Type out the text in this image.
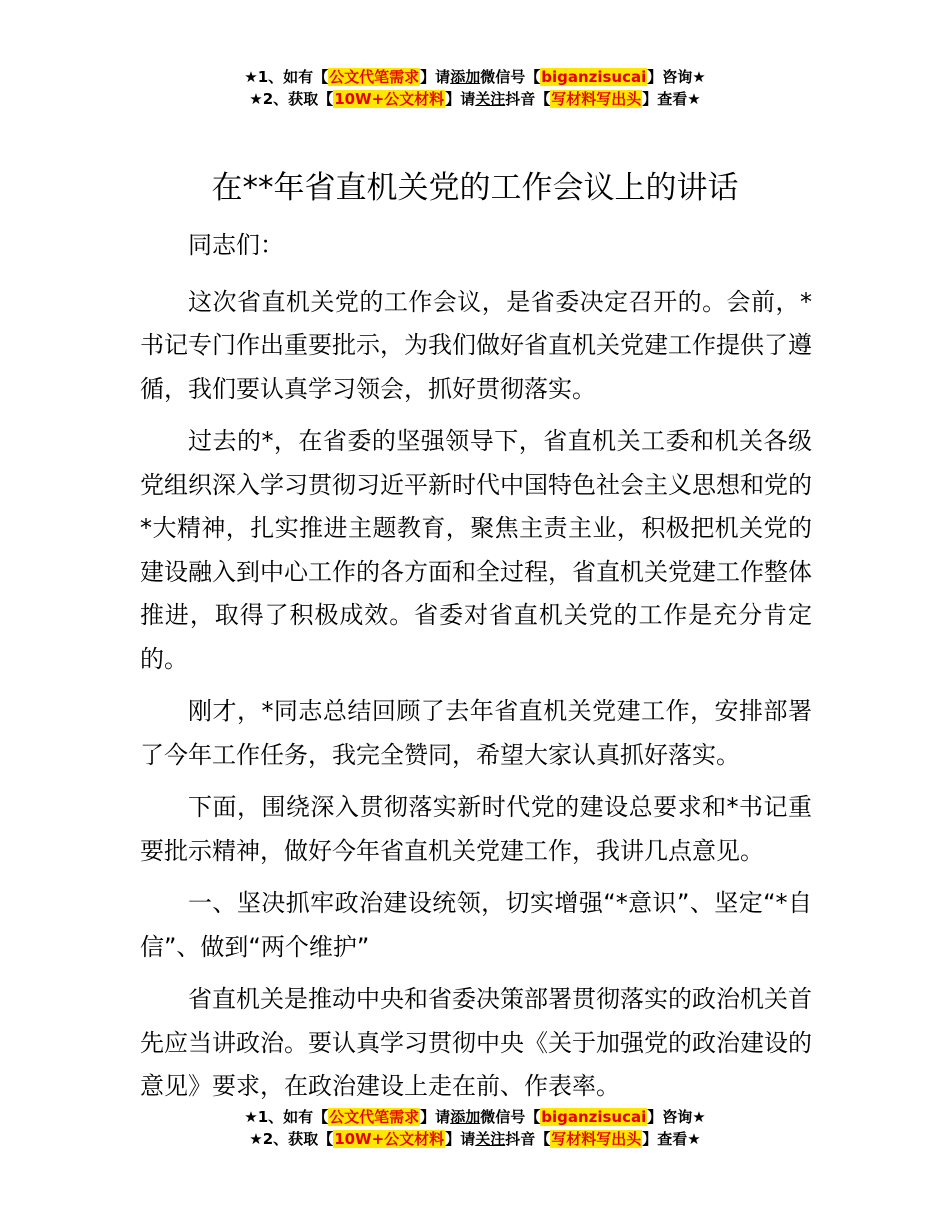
★1、如有【公文代笔需求】请添加微信号【biganzisucai】咨询★
★2、获取【10W+公文材料】请关注抖音【写材料写出头】查看★
在**年省直机关党的工作会议上的讲话

同志们：

这次省直机关党的工作会议，是省委决定召开的。会前，*书记专门作出重要批示，为我们做好省直机关党建工作提供了遵循，我们要认真学习领会，抓好贯彻落实。

过去的*，在省委的坚强领导下，省直机关工委和机关各级党组织深入学习贯彻习近平新时代中国特色社会主义思想和党的*大精神，扎实推进主题教育，聚焦主责主业，积极把机关党的建设融入到中心工作的各方面和全过程，省直机关党建工作整体推进，取得了积极成效。省委对省直机关党的工作是充分肯定的。

刚才，*同志总结回顾了去年省直机关党建工作，安排部署了今年工作任务，我完全赞同，希望大家认真抓好落实。

下面，围绕深入贯彻落实新时代党的建设总要求和*书记重要批示精神，做好今年省直机关党建工作，我讲几点意见。

一、坚决抓牢政治建设统领，切实增强“*意识”、坚定“*自信”、做到“两个维护”

省直机关是推动中央和省委决策部署贯彻落实的政治机关首先应当讲政治。要认真学习贯彻中央《关于加强党的政治建设的意见》要求，在政治建设上走在前、作表率。

★1、如有【公文代笔需求】请添加微信号【biganzisucai】咨询★
★2、获取【10W+公文材料】请关注抖音【写材料写出头】查看★
